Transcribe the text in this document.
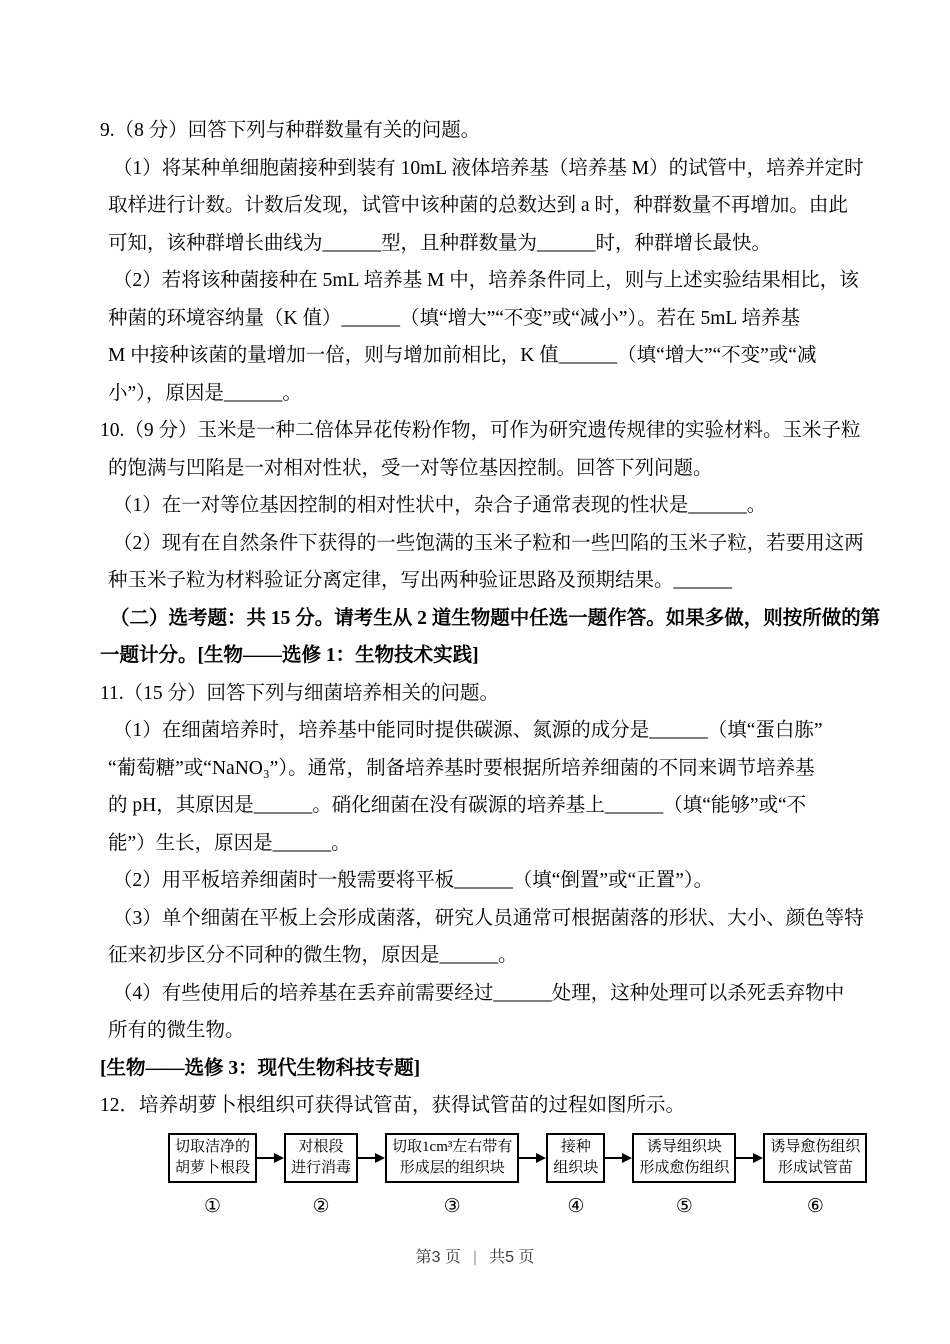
9.（8 分）回答下列与种群数量有关的问题。
（1）将某种单细胞菌接种到装有 10mL 液体培养基（培养基 M）的试管中，培养并定时
取样进行计数。计数后发现，试管中该种菌的总数达到 a 时，种群数量不再增加。由此
可知，该种群增长曲线为______型，且种群数量为______时，种群增长最快。
（2）若将该种菌接种在 5mL 培养基 M 中，培养条件同上，则与上述实验结果相比，该
种菌的环境容纳量（K 值）______（填“增大”“不变”或“减小”）。若在 5mL 培养基
M 中接种该菌的量增加一倍，则与增加前相比，K 值______（填“增大”“不变”或“减
小”），原因是______。
10.（9 分）玉米是一种二倍体异花传粉作物，可作为研究遗传规律的实验材料。玉米子粒
的饱满与凹陷是一对相对性状，受一对等位基因控制。回答下列问题。
（1）在一对等位基因控制的相对性状中，杂合子通常表现的性状是______。
（2）现有在自然条件下获得的一些饱满的玉米子粒和一些凹陷的玉米子粒，若要用这两
种玉米子粒为材料验证分离定律，写出两种验证思路及预期结果。______
（二）选考题：共 15 分。请考生从 2 道生物题中任选一题作答。如果多做，则按所做的第
一题计分。[生物——选修 1：生物技术实践]
11.（15 分）回答下列与细菌培养相关的问题。
（1）在细菌培养时，培养基中能同时提供碳源、氮源的成分是______（填“蛋白胨”
“葡萄糖”或“NaNO₃”）。通常，制备培养基时要根据所培养细菌的不同来调节培养基
的 pH，其原因是______。硝化细菌在没有碳源的培养基上______（填“能够”或“不
能”）生长，原因是______。
（2）用平板培养细菌时一般需要将平板______（填“倒置”或“正置”）。
（3）单个细菌在平板上会形成菌落，研究人员通常可根据菌落的形状、大小、颜色等特
征来初步区分不同种的微生物，原因是______。
（4）有些使用后的培养基在丢弃前需要经过______处理，这种处理可以杀死丢弃物中
所有的微生物。
[生物——选修 3：现代生物科技专题]
12．培养胡萝卜根组织可获得试管苗，获得试管苗的过程如图所示。
切取洁净的
胡萝卜根段
①
对根段
进行消毒
②
切取1cm³左右带有
形成层的组织块
③
接种
组织块
④
诱导组织块
形成愈伤组织
⑤
诱导愈伤组织
形成试管苗
⑥
第3 页 | 共5 页
